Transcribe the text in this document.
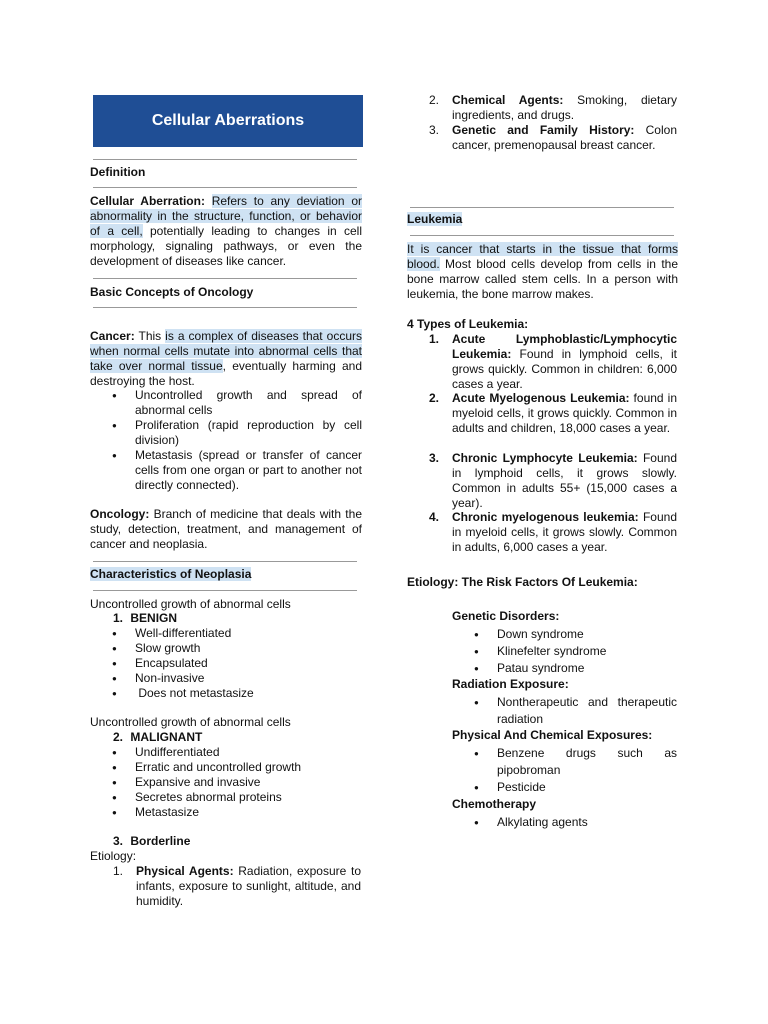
Cellular Aberrations
Definition
Cellular Aberration: Refers to any deviation or abnormality in the structure, function, or behavior of a cell, potentially leading to changes in cell morphology, signaling pathways, or even the development of diseases like cancer.
Basic Concepts of Oncology
Cancer: This is a complex of diseases that occurs when normal cells mutate into abnormal cells that take over normal tissue, eventually harming and destroying the host.
● Uncontrolled growth and spread of abnormal cells
● Proliferation (rapid reproduction by cell division)
● Metastasis (spread or transfer of cancer cells from one organ or part to another not directly connected).
Oncology: Branch of medicine that deals with the study, detection, treatment, and management of cancer and neoplasia.
Characteristics of Neoplasia
Uncontrolled growth of abnormal cells
1. BENIGN
● Well-differentiated
● Slow growth
● Encapsulated
● Non-invasive
●  Does not metastasize
Uncontrolled growth of abnormal cells
2. MALIGNANT
● Undifferentiated
● Erratic and uncontrolled growth
● Expansive and invasive
● Secretes abnormal proteins
● Metastasize
3. Borderline
Etiology:
1. Physical Agents: Radiation, exposure to infants, exposure to sunlight, altitude, and humidity.
2. Chemical Agents: Smoking, dietary ingredients, and drugs.
3. Genetic and Family History: Colon cancer, premenopausal breast cancer.
Leukemia
It is cancer that starts in the tissue that forms blood. Most blood cells develop from cells in the bone marrow called stem cells. In a person with leukemia, the bone marrow makes.
4 Types of Leukemia:
1. Acute Lymphoblastic/Lymphocytic Leukemia: Found in lymphoid cells, it grows quickly. Common in children: 6,000 cases a year.
2. Acute Myelogenous Leukemia: found in myeloid cells, it grows quickly. Common in adults and children, 18,000 cases a year.
3. Chronic Lymphocyte Leukemia: Found in lymphoid cells, it grows slowly. Common in adults 55+ (15,000 cases a year).
4. Chronic myelogenous leukemia: Found in myeloid cells, it grows slowly. Common in adults, 6,000 cases a year.
Etiology: The Risk Factors Of Leukemia:
Genetic Disorders:
● Down syndrome
● Klinefelter syndrome
● Patau syndrome
Radiation Exposure:
● Nontherapeutic and therapeutic radiation
Physical And Chemical Exposures:
● Benzene drugs such as pipobroman
● Pesticide
Chemotherapy
● Alkylating agents
